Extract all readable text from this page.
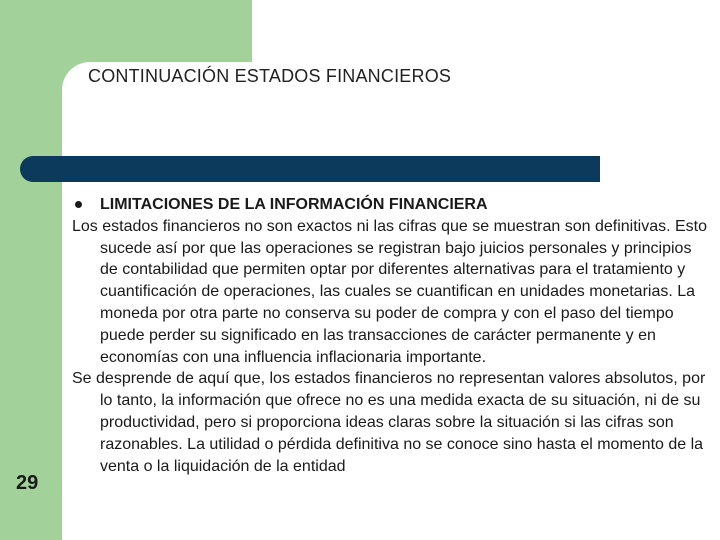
CONTINUACIÓN ESTADOS FINANCIEROS
29
LIMITACIONES DE LA INFORMACIÓN FINANCIERA
Los estados financieros no son exactos ni las cifras que se muestran son definitivas. Esto sucede así por que las operaciones se registran bajo juicios personales y principios de contabilidad que permiten optar por diferentes alternativas para el tratamiento y cuantificación de operaciones, las cuales se cuantifican en unidades monetarias. La moneda por otra parte no conserva su poder de compra y con el paso del tiempo puede perder su significado en las transacciones de carácter permanente y en economías con una influencia inflacionaria importante.
Se desprende de aquí que, los estados financieros no representan valores absolutos, por lo tanto, la información que ofrece no es una medida exacta de su situación, ni de su productividad, pero si proporciona ideas claras sobre la situación si las cifras son razonables. La utilidad o pérdida definitiva no se conoce sino hasta el momento de la venta o la liquidación de la entidad
